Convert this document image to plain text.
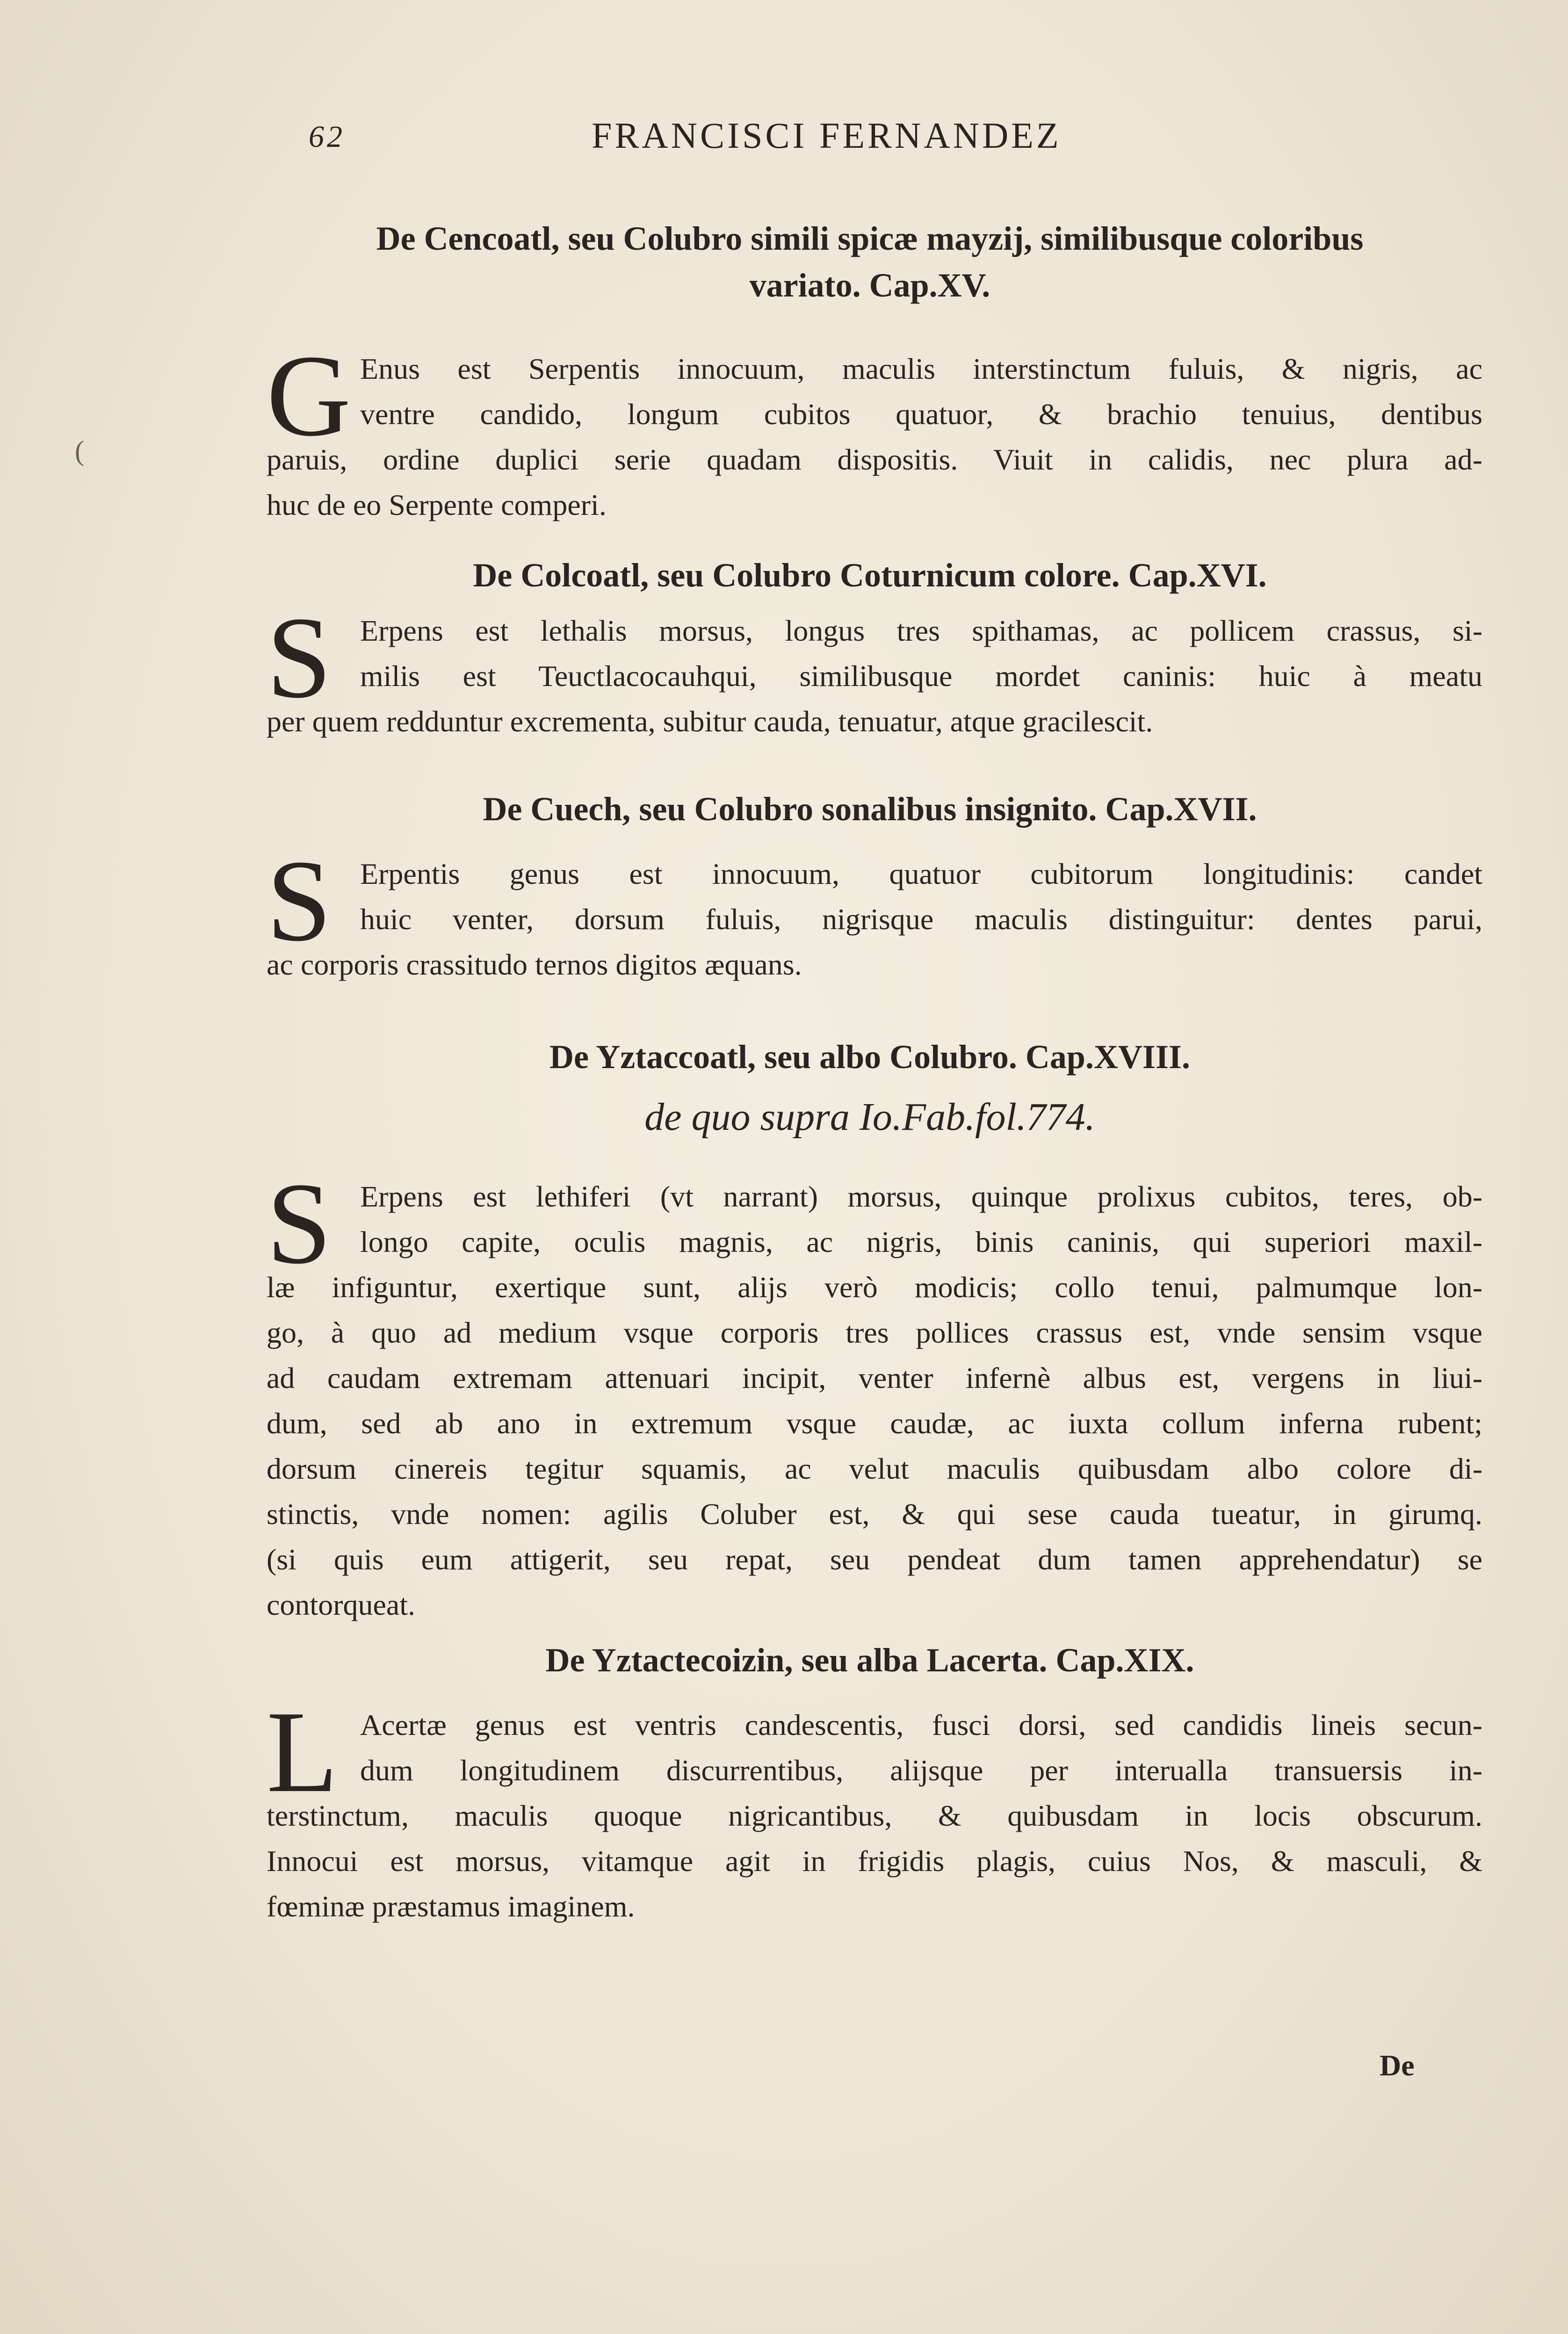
62	FRANCISCI FERNANDEZ
De Cencoatl, seu Colubro simili spicæ mayzij, similibusque coloribus
variato. Cap.XV.
G Enus est Serpentis innocuum, maculis interstinctum fuluis, & nigris, ac
ventre candido, longum cubitos quatuor, & brachio tenuius, dentibus
paruis, ordine duplici serie quadam dispositis. Viuit in calidis, nec plura ad-
huc de eo Serpente comperi.
De Colcoatl, seu Colubro Coturnicum colore. Cap.XVI.
S Erpens est lethalis morsus, longus tres spithamas, ac pollicem crassus, si-
milis est Teuctlacocauhqui, similibusque mordet caninis: huic à meatu
per quem redduntur excrementa, subitur cauda, tenuatur, atque gracilescit.
De Cuech, seu Colubro sonalibus insignito. Cap.XVII.
S Erpentis genus est innocuum, quatuor cubitorum longitudinis: candet
huic venter, dorsum fuluis, nigrisque maculis distinguitur: dentes parui,
ac corporis crassitudo ternos digitos æquans.
De Yztaccoatl, seu albo Colubro. Cap.XVIII.
de quo supra Io.Fab.fol.774.
S Erpens est lethiferi (vt narrant) morsus, quinque prolixus cubitos, teres, ob-
longo capite, oculis magnis, ac nigris, binis caninis, qui superiori maxil-
læ infiguntur, exertique sunt, alijs verò modicis; collo tenui, palmumque lon-
go, à quo ad medium vsque corporis tres pollices crassus est, vnde sensim vsque
ad caudam extremam attenuari incipit, venter infernè albus est, vergens in liui-
dum, sed ab ano in extremum vsque caudæ, ac iuxta collum inferna rubent;
dorsum cinereis tegitur squamis, ac velut maculis quibusdam albo colore di-
stinctis, vnde nomen: agilis Coluber est, & qui sese cauda tueatur, in girumq.
(si quis eum attigerit, seu repat, seu pendeat dum tamen apprehendatur) se
contorqueat.
De Yztactecoizin, seu alba Lacerta. Cap.XIX.
L Acertæ genus est ventris candescentis, fusci dorsi, sed candidis lineis secun-
dum longitudinem discurrentibus, alijsque per interualla transuersis in-
terstinctum, maculis quoque nigricantibus, & quibusdam in locis obscurum.
Innocui est morsus, vitamque agit in frigidis plagis, cuius Nos, & masculi, &
fœminæ præstamus imaginem.
De
(
